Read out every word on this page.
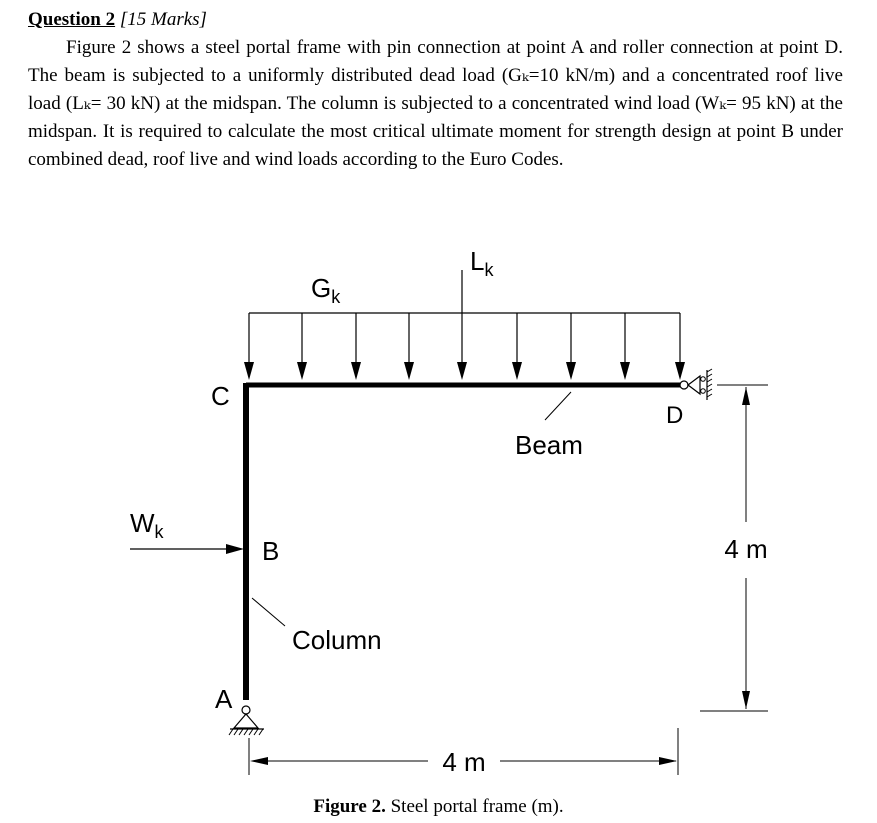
Question 2 [15 Marks]

Figure 2 shows a steel portal frame with pin connection at point A and roller connection at point D. The beam is subjected to a uniformly distributed dead load (Gₖ=10 kN/m) and a concentrated roof live load (Lₖ= 30 kN) at the midspan. The column is subjected to a concentrated wind load (Wₖ= 95 kN) at the midspan. It is required to calculate the most critical ultimate moment for strength design at point B under combined dead, roof live and wind loads according to the Euro Codes.

$G_k$
$L_k$
$W_k$
C
B
A
D
Beam
Column
4 m
4 m
Figure 2. Steel portal frame (m).
